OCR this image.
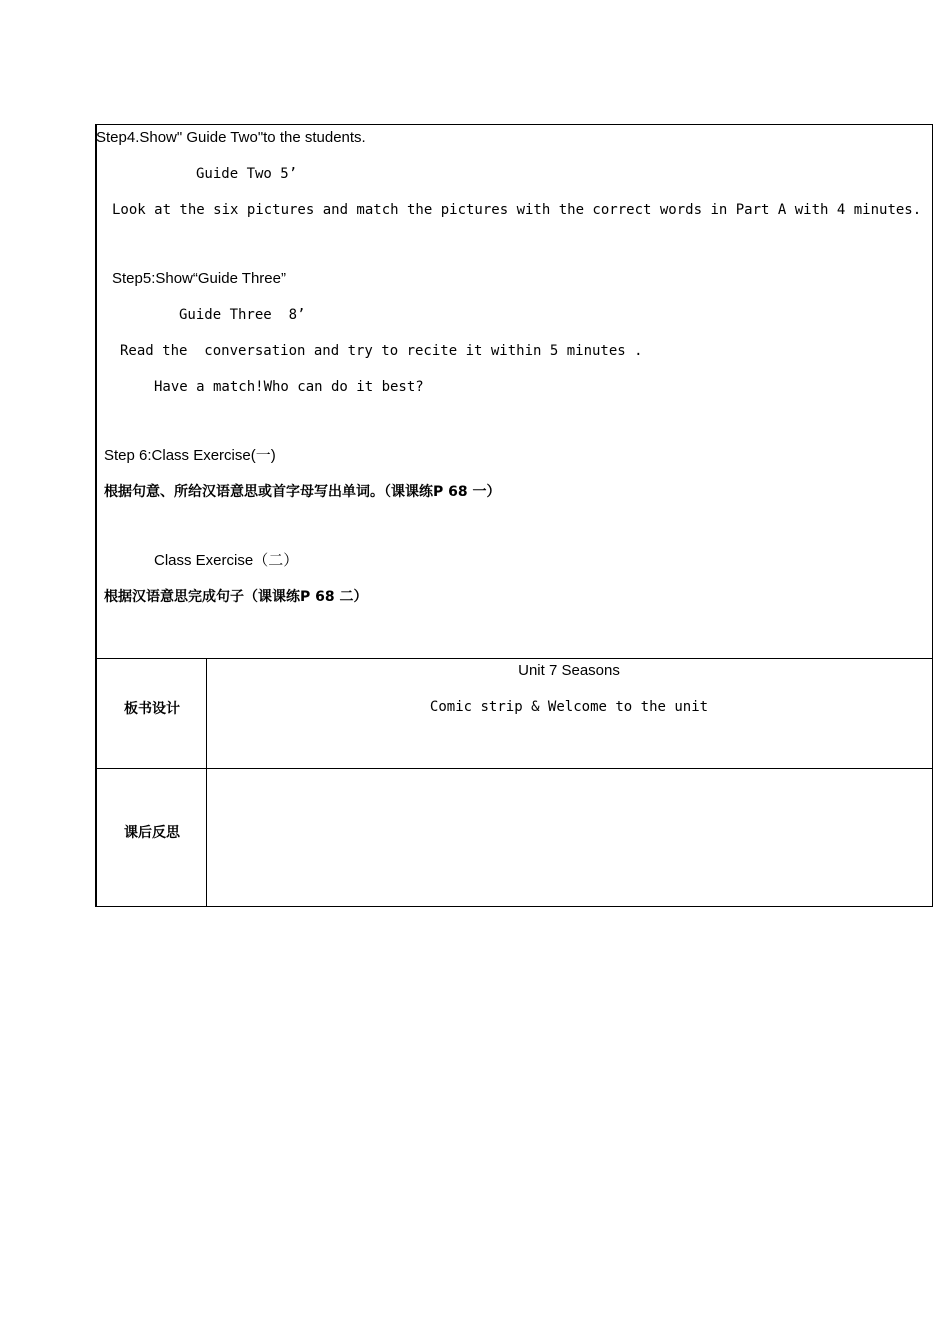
Step4.Show" Guide Two"to the students.
Guide Two 5’
Look at the six pictures and match the pictures with the correct words in Part A with 4 minutes.
Step5:Show“Guide Three”
Guide Three  8’
Read the  conversation and try to recite it within 5 minutes .
Have a match!Who can do it best?
Step 6:Class Exercise(一)
根据句意、所给汉语意思或首字母写出单词。（课课练P 68 一）
Class Exercise（二）
根据汉语意思完成句子（课课练P 68 二）
板书设计
Unit 7 Seasons
Comic strip & Welcome to the unit
课后反思
